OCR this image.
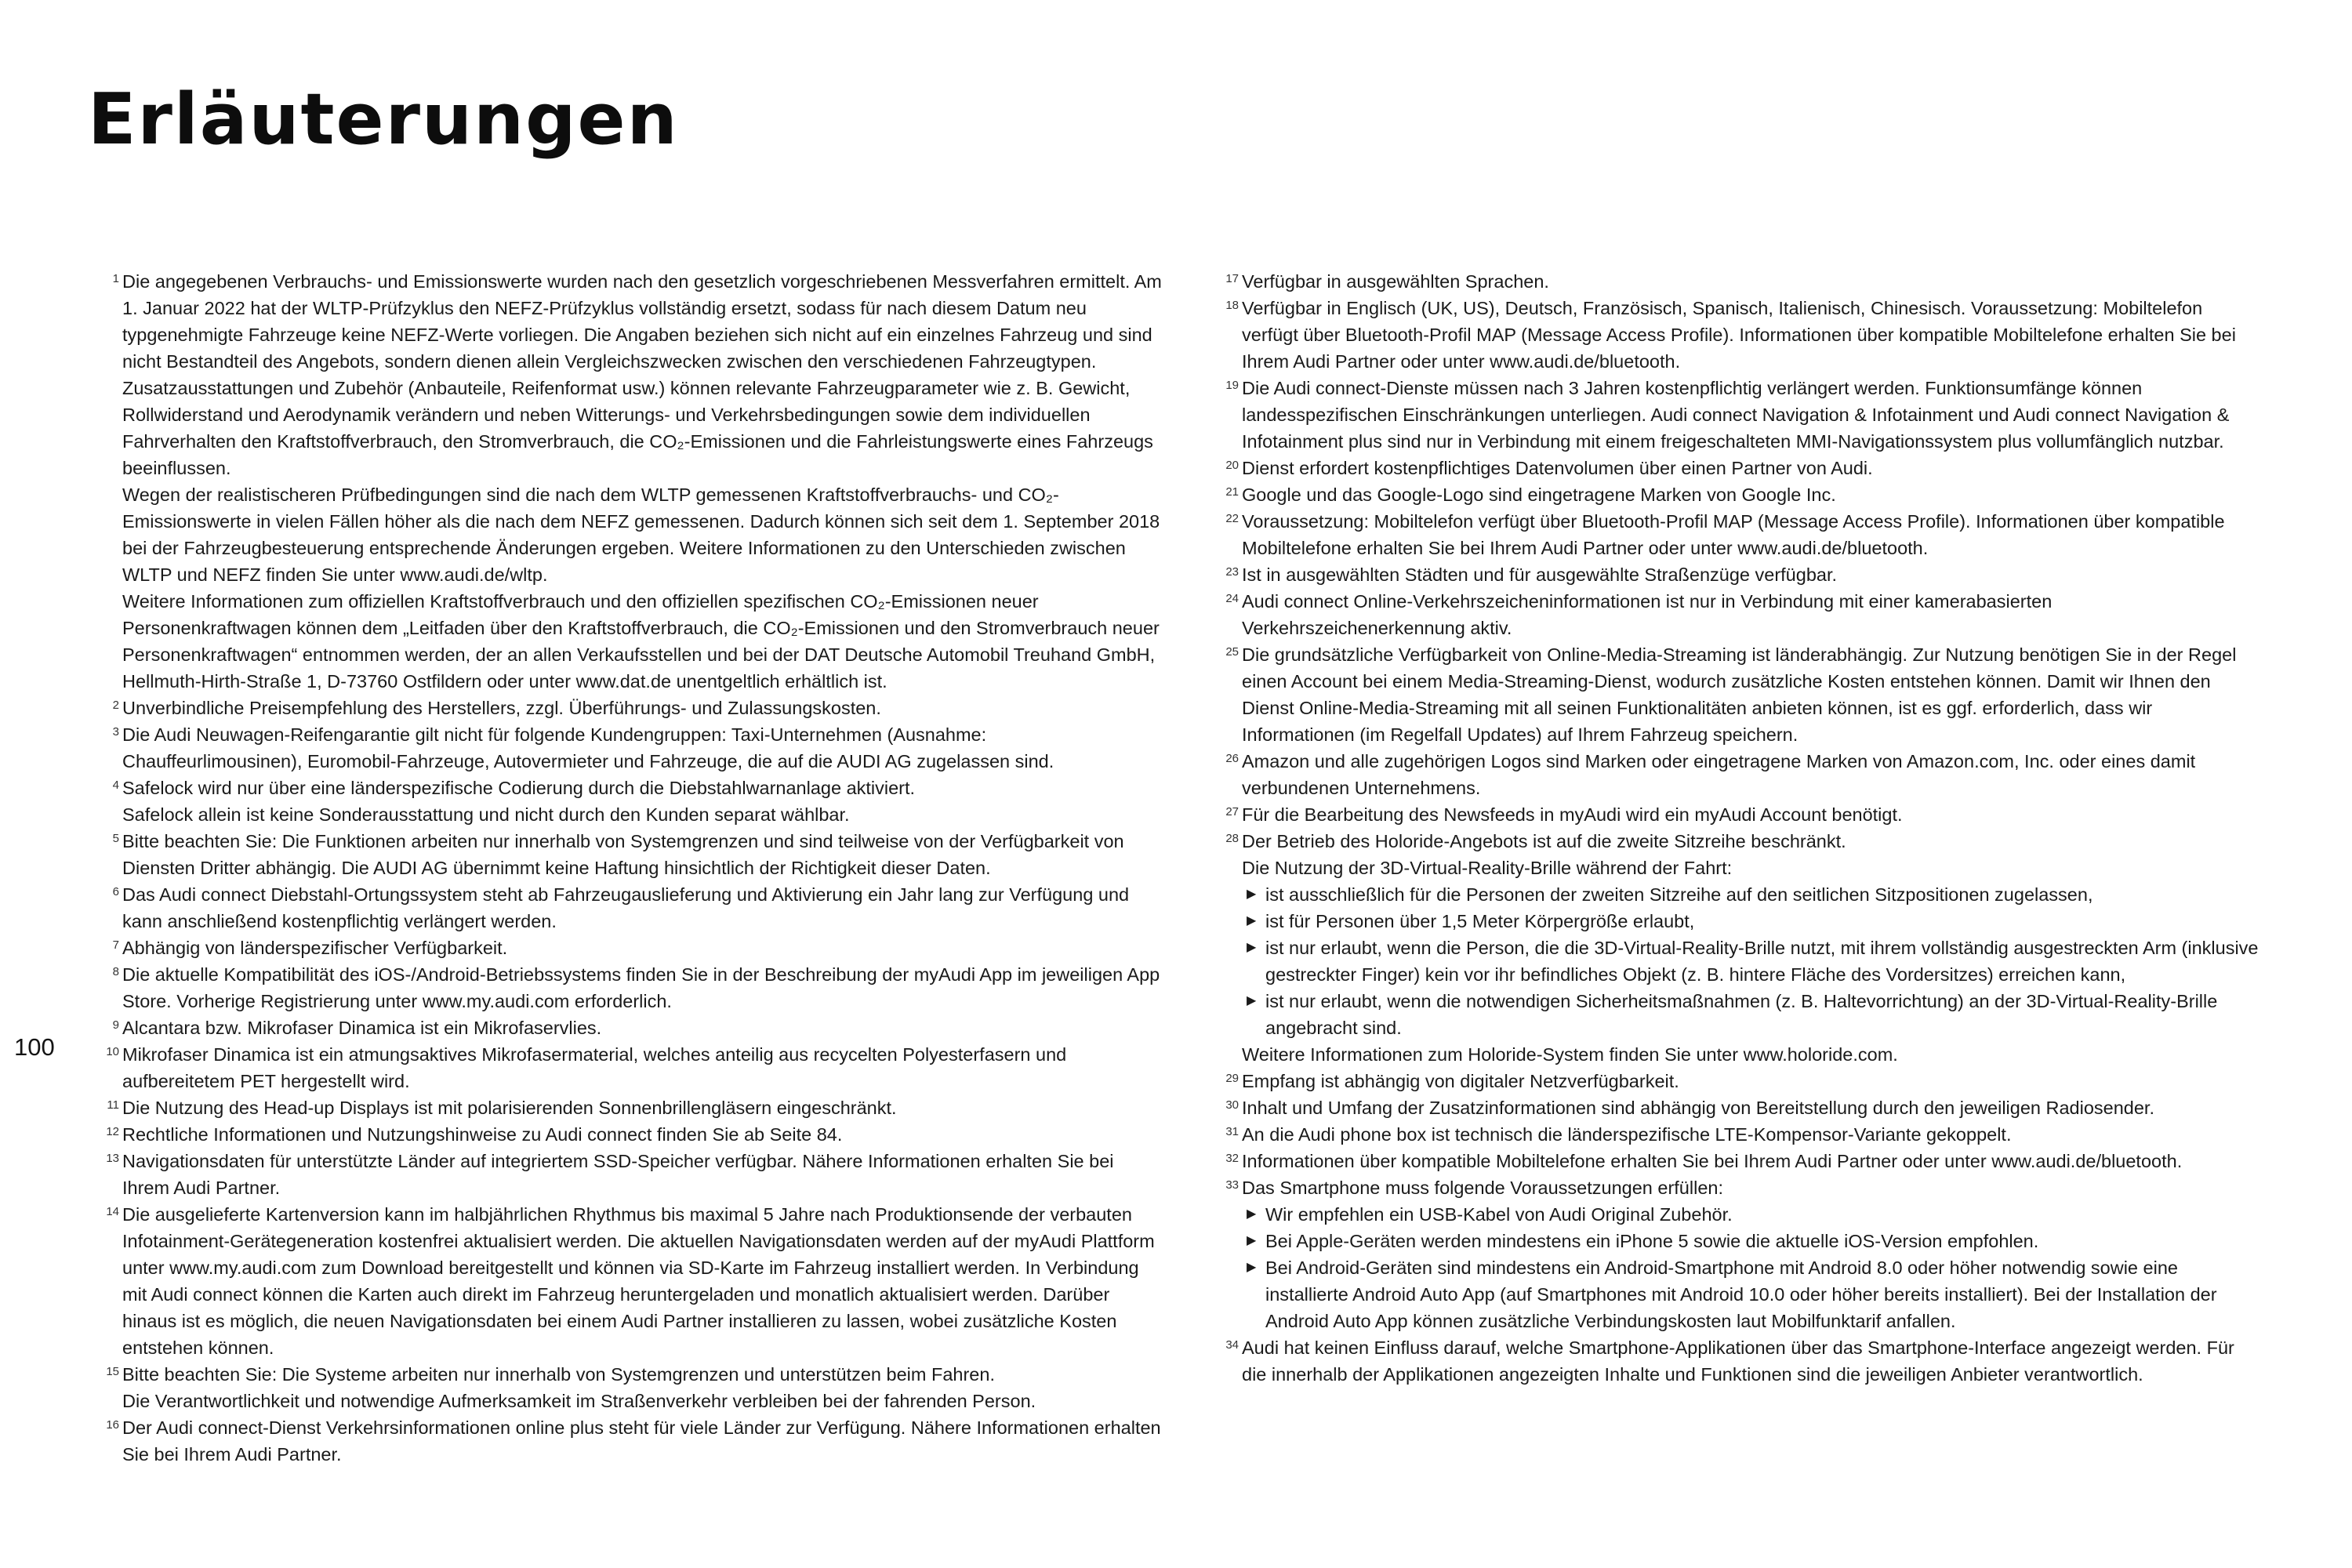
Erläuterungen
100
1 Die angegebenen Verbrauchs- und Emissionswerte wurden nach den gesetzlich vorgeschriebenen Messverfahren ermittelt. Am 1. Januar 2022 hat der WLTP-Prüfzyklus den NEFZ-Prüfzyklus vollständig ersetzt, sodass für nach diesem Datum neu typgenehmigte Fahrzeuge keine NEFZ-Werte vorliegen. Die Angaben beziehen sich nicht auf ein einzelnes Fahrzeug und sind nicht Bestandteil des Angebots, sondern dienen allein Vergleichszwecken zwischen den verschiedenen Fahrzeugtypen. Zusatzausstattungen und Zubehör (Anbauteile, Reifenformat usw.) können relevante Fahrzeugparameter wie z. B. Gewicht, Rollwiderstand und Aerodynamik verändern und neben Witterungs- und Verkehrsbedingungen sowie dem individuellen Fahrverhalten den Kraftstoffverbrauch, den Stromverbrauch, die CO₂-Emissionen und die Fahrleistungswerte eines Fahrzeugs beeinflussen.
Wegen der realistischeren Prüfbedingungen sind die nach dem WLTP gemessenen Kraftstoffverbrauchs- und CO₂-Emissionswerte in vielen Fällen höher als die nach dem NEFZ gemessenen. Dadurch können sich seit dem 1. September 2018 bei der Fahrzeugbesteuerung entsprechende Änderungen ergeben. Weitere Informationen zu den Unterschieden zwischen WLTP und NEFZ finden Sie unter www.audi.de/wltp.
Weitere Informationen zum offiziellen Kraftstoffverbrauch und den offiziellen spezifischen CO₂-Emissionen neuer Personenkraftwagen können dem „Leitfaden über den Kraftstoffverbrauch, die CO₂-Emissionen und den Stromverbrauch neuer Personenkraftwagen“ entnommen werden, der an allen Verkaufsstellen und bei der DAT Deutsche Automobil Treuhand GmbH, Hellmuth-Hirth-Straße 1, D-73760 Ostfildern oder unter www.dat.de unentgeltlich erhältlich ist.
2 Unverbindliche Preisempfehlung des Herstellers, zzgl. Überführungs- und Zulassungskosten.
3 Die Audi Neuwagen-Reifengarantie gilt nicht für folgende Kundengruppen: Taxi-Unternehmen (Ausnahme: Chauffeurlimousinen), Euromobil-Fahrzeuge, Autovermieter und Fahrzeuge, die auf die AUDI AG zugelassen sind.
4 Safelock wird nur über eine länderspezifische Codierung durch die Diebstahlwarnanlage aktiviert.
Safelock allein ist keine Sonderausstattung und nicht durch den Kunden separat wählbar.
5 Bitte beachten Sie: Die Funktionen arbeiten nur innerhalb von Systemgrenzen und sind teilweise von der Verfügbarkeit von Diensten Dritter abhängig. Die AUDI AG übernimmt keine Haftung hinsichtlich der Richtigkeit dieser Daten.
6 Das Audi connect Diebstahl-Ortungssystem steht ab Fahrzeugauslieferung und Aktivierung ein Jahr lang zur Verfügung und kann anschließend kostenpflichtig verlängert werden.
7 Abhängig von länderspezifischer Verfügbarkeit.
8 Die aktuelle Kompatibilität des iOS-/Android-Betriebssystems finden Sie in der Beschreibung der myAudi App im jeweiligen App Store. Vorherige Registrierung unter www.my.audi.com erforderlich.
9 Alcantara bzw. Mikrofaser Dinamica ist ein Mikrofaservlies.
10 Mikrofaser Dinamica ist ein atmungsaktives Mikrofasermaterial, welches anteilig aus recycelten Polyesterfasern und aufbereitetem PET hergestellt wird.
11 Die Nutzung des Head-up Displays ist mit polarisierenden Sonnenbrillengläsern eingeschränkt.
12 Rechtliche Informationen und Nutzungshinweise zu Audi connect finden Sie ab Seite 84.
13 Navigationsdaten für unterstützte Länder auf integriertem SSD-Speicher verfügbar. Nähere Informationen erhalten Sie bei Ihrem Audi Partner.
14 Die ausgelieferte Kartenversion kann im halbjährlichen Rhythmus bis maximal 5 Jahre nach Produktionsende der verbauten Infotainment-Gerätegeneration kostenfrei aktualisiert werden. Die aktuellen Navigationsdaten werden auf der myAudi Plattform unter www.my.audi.com zum Download bereitgestellt und können via SD-Karte im Fahrzeug installiert werden. In Verbindung mit Audi connect können die Karten auch direkt im Fahrzeug heruntergeladen und monatlich aktualisiert werden. Darüber hinaus ist es möglich, die neuen Navigationsdaten bei einem Audi Partner installieren zu lassen, wobei zusätzliche Kosten entstehen können.
15 Bitte beachten Sie: Die Systeme arbeiten nur innerhalb von Systemgrenzen und unterstützen beim Fahren.
Die Verantwortlichkeit und notwendige Aufmerksamkeit im Straßenverkehr verbleiben bei der fahrenden Person.
16 Der Audi connect-Dienst Verkehrsinformationen online plus steht für viele Länder zur Verfügung. Nähere Informationen erhalten Sie bei Ihrem Audi Partner.
17 Verfügbar in ausgewählten Sprachen.
18 Verfügbar in Englisch (UK, US), Deutsch, Französisch, Spanisch, Italienisch, Chinesisch. Voraussetzung: Mobiltelefon verfügt über Bluetooth-Profil MAP (Message Access Profile). Informationen über kompatible Mobiltelefone erhalten Sie bei Ihrem Audi Partner oder unter www.audi.de/bluetooth.
19 Die Audi connect-Dienste müssen nach 3 Jahren kostenpflichtig verlängert werden. Funktionsumfänge können landesspezifischen Einschränkungen unterliegen. Audi connect Navigation & Infotainment und Audi connect Navigation & Infotainment plus sind nur in Verbindung mit einem freigeschalteten MMI-Navigationssystem plus vollumfänglich nutzbar.
20 Dienst erfordert kostenpflichtiges Datenvolumen über einen Partner von Audi.
21 Google und das Google-Logo sind eingetragene Marken von Google Inc.
22 Voraussetzung: Mobiltelefon verfügt über Bluetooth-Profil MAP (Message Access Profile). Informationen über kompatible Mobiltelefone erhalten Sie bei Ihrem Audi Partner oder unter www.audi.de/bluetooth.
23 Ist in ausgewählten Städten und für ausgewählte Straßenzüge verfügbar.
24 Audi connect Online-Verkehrszeicheninformationen ist nur in Verbindung mit einer kamerabasierten Verkehrszeichenerkennung aktiv.
25 Die grundsätzliche Verfügbarkeit von Online-Media-Streaming ist länderabhängig. Zur Nutzung benötigen Sie in der Regel einen Account bei einem Media-Streaming-Dienst, wodurch zusätzliche Kosten entstehen können. Damit wir Ihnen den Dienst Online-Media-Streaming mit all seinen Funktionalitäten anbieten können, ist es ggf. erforderlich, dass wir Informationen (im Regelfall Updates) auf Ihrem Fahrzeug speichern.
26 Amazon und alle zugehörigen Logos sind Marken oder eingetragene Marken von Amazon.com, Inc. oder eines damit verbundenen Unternehmens.
27 Für die Bearbeitung des Newsfeeds in myAudi wird ein myAudi Account benötigt.
28 Der Betrieb des Holoride-Angebots ist auf die zweite Sitzreihe beschränkt.
Die Nutzung der 3D-Virtual-Reality-Brille während der Fahrt:
▶ ist ausschließlich für die Personen der zweiten Sitzreihe auf den seitlichen Sitzpositionen zugelassen,
▶ ist für Personen über 1,5 Meter Körpergröße erlaubt,
▶ ist nur erlaubt, wenn die Person, die die 3D-Virtual-Reality-Brille nutzt, mit ihrem vollständig ausgestreckten Arm (inklusive gestreckter Finger) kein vor ihr befindliches Objekt (z. B. hintere Fläche des Vordersitzes) erreichen kann,
▶ ist nur erlaubt, wenn die notwendigen Sicherheitsmaßnahmen (z. B. Haltevorrichtung) an der 3D-Virtual-Reality-Brille angebracht sind.
Weitere Informationen zum Holoride-System finden Sie unter www.holoride.com.
29 Empfang ist abhängig von digitaler Netzverfügbarkeit.
30 Inhalt und Umfang der Zusatzinformationen sind abhängig von Bereitstellung durch den jeweiligen Radiosender.
31 An die Audi phone box ist technisch die länderspezifische LTE-Kompensor-Variante gekoppelt.
32 Informationen über kompatible Mobiltelefone erhalten Sie bei Ihrem Audi Partner oder unter www.audi.de/bluetooth.
33 Das Smartphone muss folgende Voraussetzungen erfüllen:
▶ Wir empfehlen ein USB-Kabel von Audi Original Zubehör.
▶ Bei Apple-Geräten werden mindestens ein iPhone 5 sowie die aktuelle iOS-Version empfohlen.
▶ Bei Android-Geräten sind mindestens ein Android-Smartphone mit Android 8.0 oder höher notwendig sowie eine installierte Android Auto App (auf Smartphones mit Android 10.0 oder höher bereits installiert). Bei der Installation der Android Auto App können zusätzliche Verbindungskosten laut Mobilfunktarif anfallen.
34 Audi hat keinen Einfluss darauf, welche Smartphone-Applikationen über das Smartphone-Interface angezeigt werden. Für die innerhalb der Applikationen angezeigten Inhalte und Funktionen sind die jeweiligen Anbieter verantwortlich.
